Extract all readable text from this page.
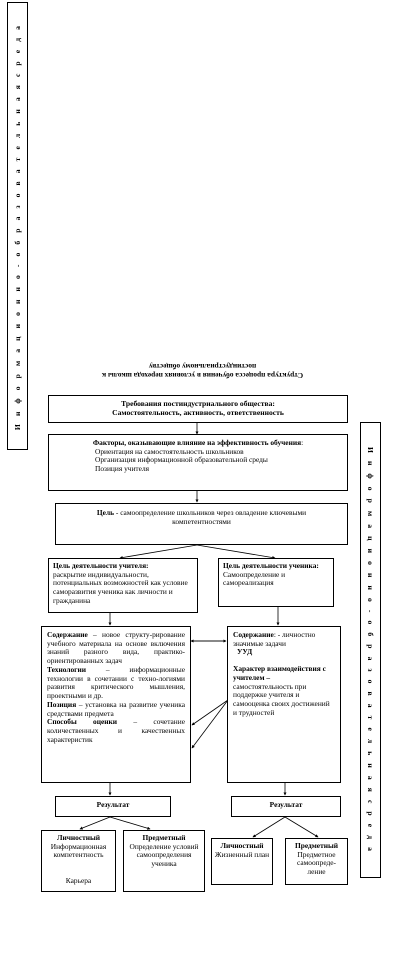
И н ф о р м а ц и о н н о - о б р а з о в а т е л ь н а я с р е д а
И н ф о р м а ц и о н н о - о б р а з о в а т е л ь н а я с р е д а
Структура процесса обучения в условиях перехода школы к
постиндустриальному обществу
Требования постиндустриального общества:
Самостоятельность, активность, ответственность
Факторы, оказывающие влияние на эффективность обучения:
Ориентация на самостоятельность школьников
Организация информационной образовательной среды
Позиция учителя
Цель - самоопределение школьников через овладение ключевыми компетентностями
Цель деятельности учителя:
раскрытие индивидуальности, потенциальных возможностей как условие самоpазвития ученика как личности и гражданина
Цель деятельности ученика:
Самоопределение и самореализация
Содержание – новое структу-рирование учебного материала на основе включения знаний разного вида, практико-ориентированных задач
Технологии – информационные технологии в сочетании с техно-логиями развития критического мышления, проектными и др.
Позиция – установка на развитие ученика средствами предмета
Способы оценки – сочетание количественных и качественных характеристик
Содержание: - личностно значимые задачи
УУД
Характер взаимодействия с учителем –
самостоятельность при поддержке учителя и самооценка своих достижений и трудностей
Результат	Результат
Личностный
Информационная компетентность
Карьера
Предметный
Определение условий самоопределения ученика
Личностный
Жизненный план
Предметный
Предметное самоопреде-ление
